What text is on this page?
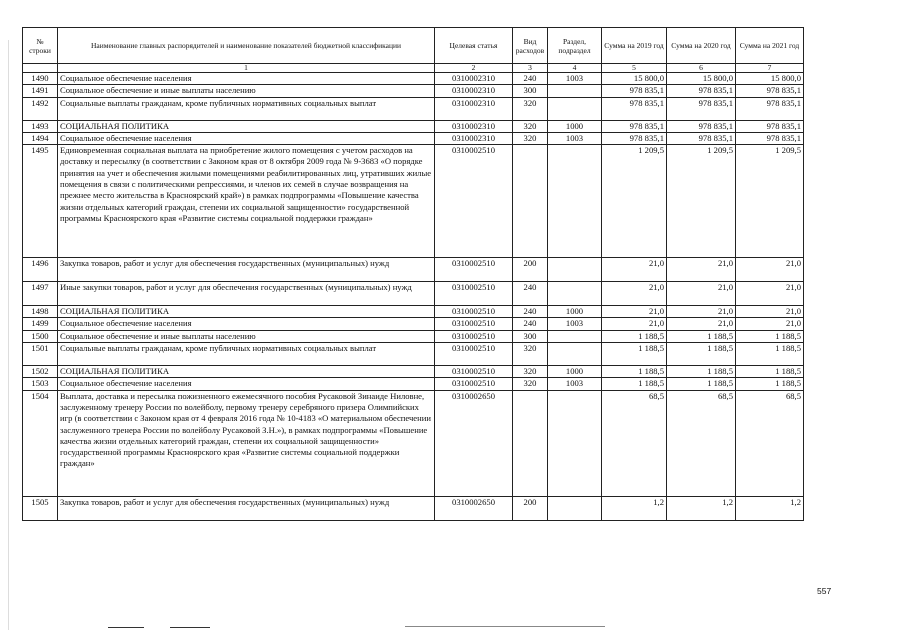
№ строки	Наименование главных распорядителей и наименование показателей бюджетной классификации	Целевая статья	Вид расходов	Раздел, подраздел	Сумма на 2019 год	Сумма на 2020 год	Сумма на 2021 год
	1	2	3	4	5	6	7
1490	Социальное обеспечение населения	0310002310	240	1003	15 800,0	15 800,0	15 800,0
1491	Социальное обеспечение и иные выплаты населению	0310002310	300		978 835,1	978 835,1	978 835,1
1492	Социальные выплаты гражданам, кроме публичных нормативных социальных выплат	0310002310	320		978 835,1	978 835,1	978 835,1
1493	СОЦИАЛЬНАЯ ПОЛИТИКА	0310002310	320	1000	978 835,1	978 835,1	978 835,1
1494	Социальное обеспечение населения	0310002310	320	1003	978 835,1	978 835,1	978 835,1
1495	Единовременная социальная выплата на приобретение жилого помещения с учетом расходов на доставку и пересылку (в соответствии с Законом края от 8 октября 2009 года № 9-3683 «О порядке принятия на учет и обеспечения жилыми помещениями реабилитированных лиц, утративших жилые помещения в связи с политическими репрессиями, и членов их семей в случае возвращения на прежнее место жительства в Красноярский край») в рамках подпрограммы «Повышение качества жизни отдельных категорий граждан, степени их социальной защищенности» государственной программы Красноярского края «Развитие системы социальной поддержки граждан»	0310002510			1 209,5	1 209,5	1 209,5
1496	Закупка товаров, работ и услуг для обеспечения государственных (муниципальных) нужд	0310002510	200		21,0	21,0	21,0
1497	Иные закупки товаров, работ и услуг для обеспечения государственных (муниципальных) нужд	0310002510	240		21,0	21,0	21,0
1498	СОЦИАЛЬНАЯ ПОЛИТИКА	0310002510	240	1000	21,0	21,0	21,0
1499	Социальное обеспечение населения	0310002510	240	1003	21,0	21,0	21,0
1500	Социальное обеспечение и иные выплаты населению	0310002510	300		1 188,5	1 188,5	1 188,5
1501	Социальные выплаты гражданам, кроме публичных нормативных социальных выплат	0310002510	320		1 188,5	1 188,5	1 188,5
1502	СОЦИАЛЬНАЯ ПОЛИТИКА	0310002510	320	1000	1 188,5	1 188,5	1 188,5
1503	Социальное обеспечение населения	0310002510	320	1003	1 188,5	1 188,5	1 188,5
1504	Выплата, доставка и пересылка пожизненного ежемесячного пособия Русаковой Зинаиде Ниловне, заслуженному тренеру России по волейболу, первому тренеру серебряного призера Олимпийских игр (в соответствии с Законом края от 4 февраля 2016 года № 10-4183 «О материальном обеспечении заслуженного тренера России по волейболу Русаковой З.Н.»), в рамках подпрограммы «Повышение качества жизни отдельных категорий граждан, степени их социальной защищенности» государственной программы Красноярского края «Развитие системы социальной поддержки граждан»	0310002650			68,5	68,5	68,5
1505	Закупка товаров, работ и услуг для обеспечения государственных (муниципальных) нужд	0310002650	200		1,2	1,2	1,2
557
